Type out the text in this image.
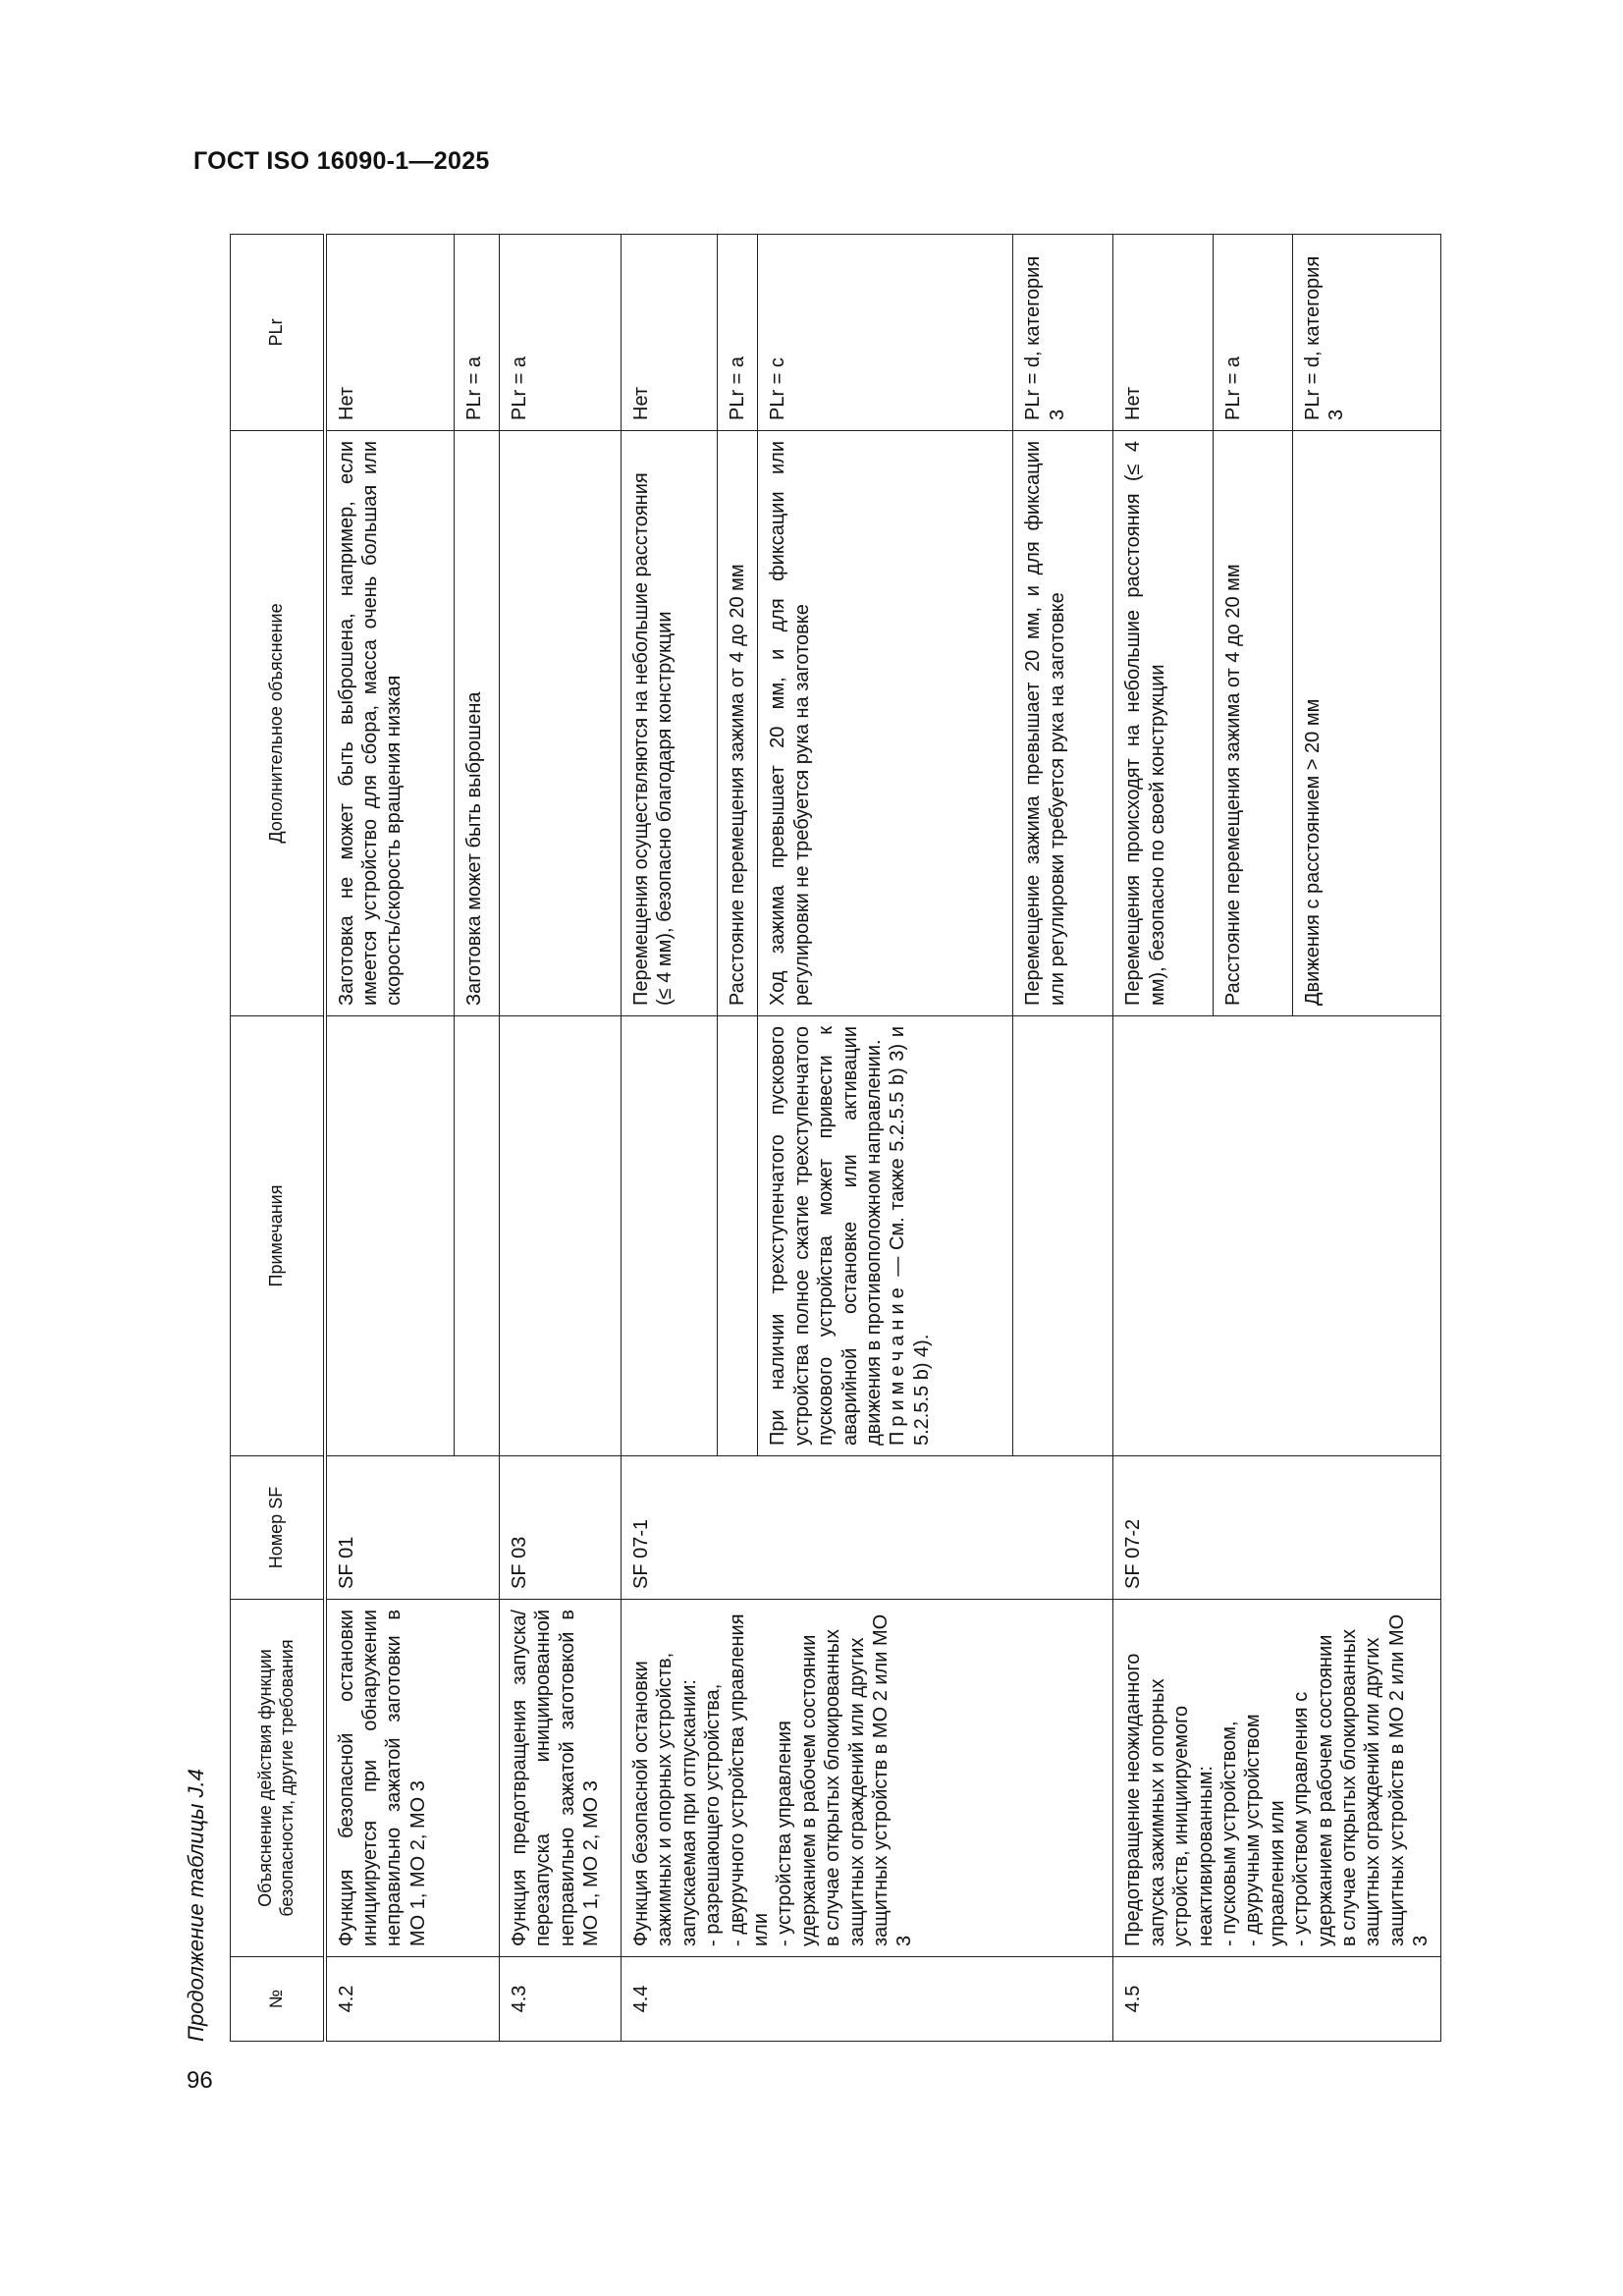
ГОСТ ISO 16090-1—2025
96
Продолжение таблицы J.4	№	Объяснение действия функции безопасности, другие требования	Номер SF	Примечания	Дополнительное объяснение	PLr
4.2	Функция безопасной остановки инициируется при обнаружении неправильно зажатой заготовки в МО 1, МО 2, МО 3	SF 01		Заготовка не может быть выброшена, например, если имеется устройство для сбора, масса очень большая или скорость/скорость вращения низкая	Нет
				Заготовка может быть выброшена	PLr = a
4.3	Функция предотвращения запуска/перезапуска инициированной неправильно зажатой заготовкой в МО 1, МО 2, МО 3	SF 03			PLr = a
4.4	Функция безопасной остановки зажимных и опорных устройств, запускаемая при отпускании:
- разрешающего устройства,
- двуручного устройства управления или
- устройства управления удержанием в рабочем состоянии
в случае открытых блокированных защитных ограждений или других защитных устройств в МО 2 или МО 3	SF 07-1		Перемещения осуществляются на небольшие расстояния
(≤ 4 мм), безопасно благодаря конструкции	Нет
				Расстояние перемещения зажима от 4 до 20 мм	PLr = a
			При наличии трехступенчатого пускового устройства полное сжатие трехступенчатого пускового устройства может привести к аварийной остановке или активации движения в противоположном направлении. Примечание — См. также 5.2.5.5 b) 3) и 5.2.5.5 b) 4).	Ход зажима превышает 20 мм, и для фиксации или регулировки не требуется рука на заготовке	PLr = c
				Перемещение зажима превышает 20 мм, и для фиксации или регулировки требуется рука на заготовке	PLr = d, категория 3
4.5	Предотвращение неожиданного запуска зажимных и опорных устройств, инициируемого неактивированным:
- пусковым устройством,
- двуручным устройством управления или
- устройством управления с удержанием в рабочем состоянии
в случае открытых блокированных защитных ограждений или других защитных устройств в МО 2 или МО 3	SF 07-2		Перемещения происходят на небольшие расстояния (≤ 4 мм), безопасно по своей конструкции	Нет
				Расстояние перемещения зажима от 4 до 20 мм	PLr = a
				Движения с расстоянием > 20 мм	PLr = d, категория 3
